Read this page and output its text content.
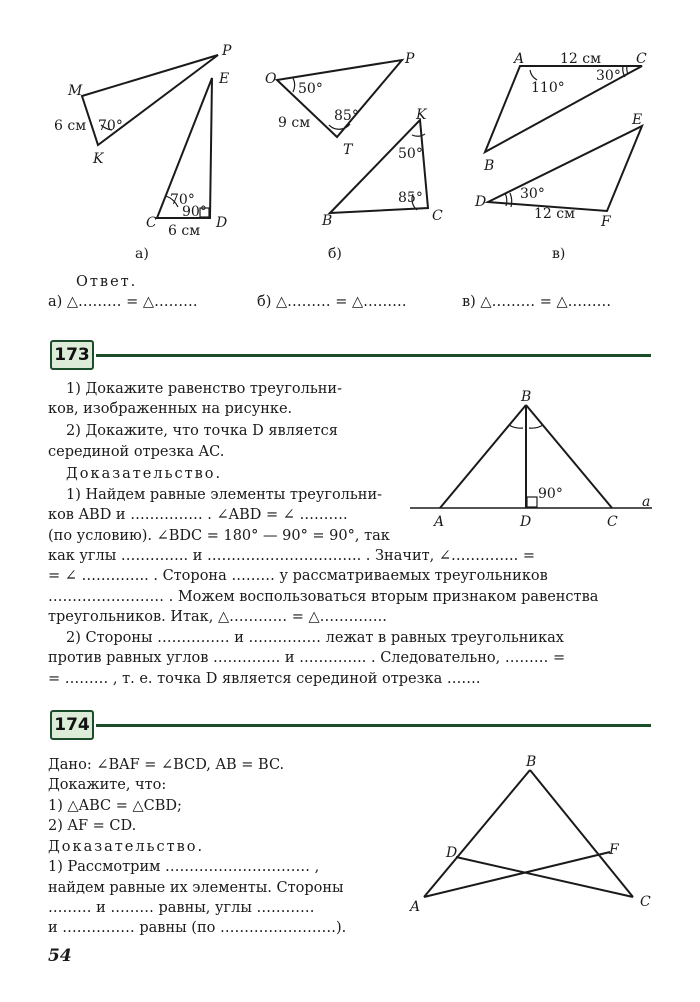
M
P
K
E
C	D
6 см 70°
70°
90°
6 см
а)
O
P
T
K
B	C
50°
9 см 85°
50°
85°
б)
A	C
B
E
D
F
12 см
30°
110°
30°
12 см
в)
Ответ.
а) △……… = △………	б) △……… = △………	в) △……… = △………
173
1) Докажите равенство треугольни-
ков, изображенных на рисунке.
2) Докажите, что точка D является
серединой отрезка AC.
Доказательство.
1) Найдем равные элементы треугольни-
ков ABD и …………… . ∠ABD = ∠ ……….
(по условию). ∠BDC = 180° — 90° = 90°, так
как углы ………….. и ………………………….. . Значит, ∠………….. =
= ∠ ………….. . Сторона ……… у рассматриваемых треугольников
…………………… . Можем воспользоваться вторым признаком равенства
треугольников. Итак, △………… = △…………..
2) Стороны …………… и …………… лежат в равных треугольниках
против равных углов ………….. и ………….. . Следовательно, ……… =
= ……… , т. е. точка D является серединой отрезка …….
B
A	D	C
a
90°
174
Дано: ∠BAF = ∠BCD, AB = BC.
Докажите, что:
1) △ABC = △CBD;
2) AF = CD.
Доказательство.
1) Рассмотрим ………………………… ,
найдем равные их элементы. Стороны
……… и ……… равны, углы …………
и …………… равны (по ……………………).
B
D	F
A	C
54
